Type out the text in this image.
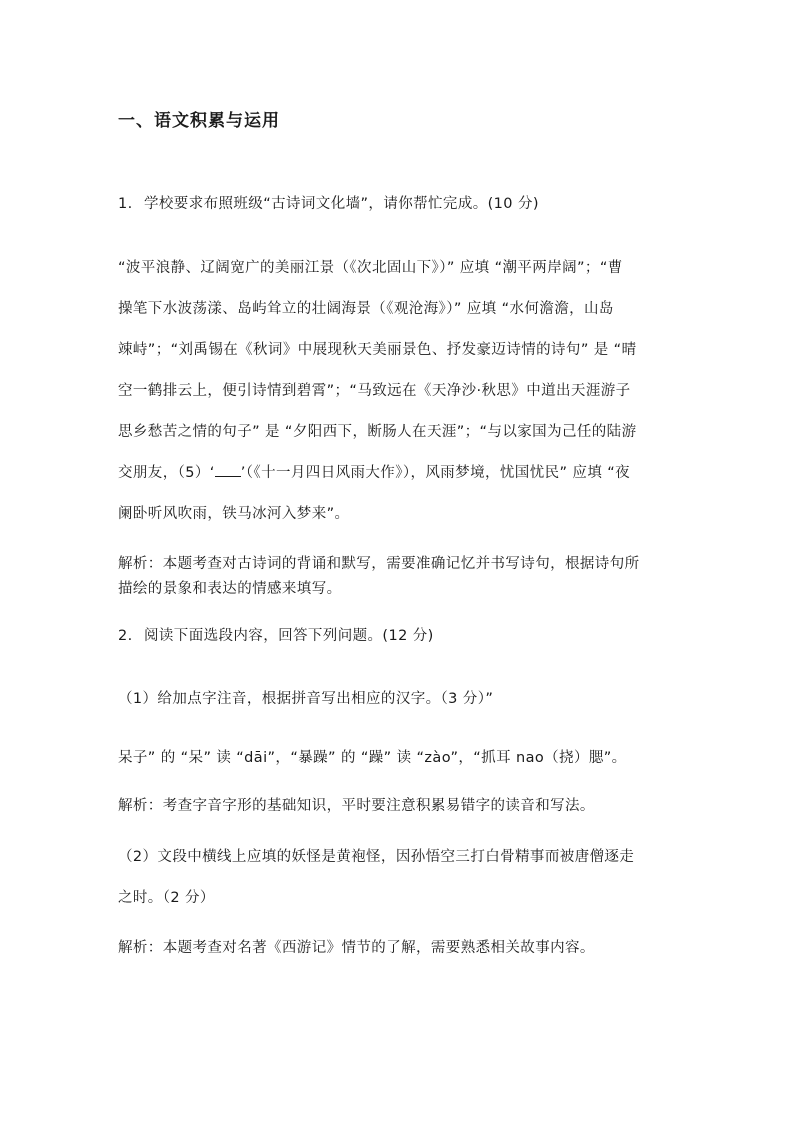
一、语文积累与运用
1. 学校要求布照班级“古诗词文化墙”，请你帮忙完成。(10 分)
“波平浪静、辽阔宽广的美丽江景（《次北固山下》）” 应填 “潮平两岸阔”；“曹
操笔下水波荡漾、岛屿耸立的壮阔海景（《观沧海》）” 应填 “水何澹澹，山岛
竦峙”；“刘禹锡在《秋词》中展现秋天美丽景色、抒发豪迈诗情的诗句” 是 “晴
空一鹤排云上，便引诗情到碧霄”；“马致远在《天净沙·秋思》中道出天涯游子
思乡愁苦之情的句子” 是 “夕阳西下，断肠人在天涯”；“与以家国为己任的陆游
交朋友，（5）‘ ’（《十一月四日风雨大作》），风雨梦境，忧国忧民” 应填 “夜
阑卧听风吹雨，铁马冰河入梦来”。
解析：本题考查对古诗词的背诵和默写，需要准确记忆并书写诗句，根据诗句所
描绘的景象和表达的情感来填写。
2. 阅读下面选段内容，回答下列问题。(12 分)
（1）给加点字注音，根据拼音写出相应的汉字。（3 分）”
呆子” 的 “呆” 读 “dāi”，“暴躁” 的 “躁” 读 “zào”，“抓耳 nao（挠）腮”。
解析：考查字音字形的基础知识，平时要注意积累易错字的读音和写法。
（2）文段中横线上应填的妖怪是黄袍怪，因孙悟空三打白骨精事而被唐僧逐走
之时。（2 分）
解析：本题考查对名著《西游记》情节的了解，需要熟悉相关故事内容。
